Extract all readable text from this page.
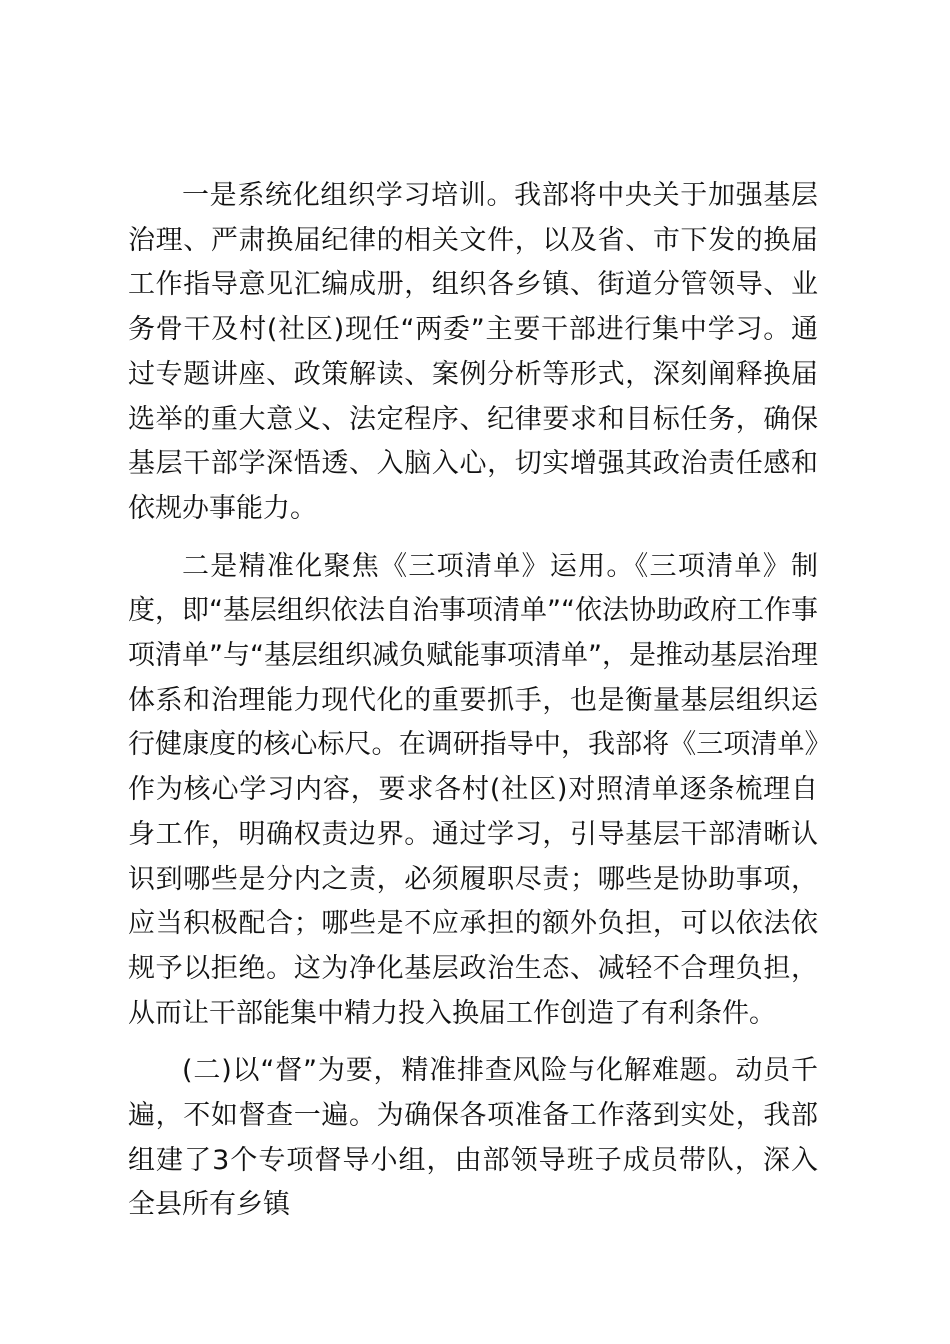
一是系统化组织学习培训。我部将中央关于加强基层治理、严肃换届纪律的相关文件，以及省、市下发的换届工作指导意见汇编成册，组织各乡镇、街道分管领导、业务骨干及村(社区)现任“两委”主要干部进行集中学习。通过专题讲座、政策解读、案例分析等形式，深刻阐释换届选举的重大意义、法定程序、纪律要求和目标任务，确保基层干部学深悟透、入脑入心，切实增强其政治责任感和依规办事能力。

二是精准化聚焦《三项清单》运用。《三项清单》制度，即“基层组织依法自治事项清单”“依法协助政府工作事项清单”与“基层组织减负赋能事项清单”，是推动基层治理体系和治理能力现代化的重要抓手，也是衡量基层组织运行健康度的核心标尺。在调研指导中，我部将《三项清单》作为核心学习内容，要求各村(社区)对照清单逐条梳理自身工作，明确权责边界。通过学习，引导基层干部清晰认识到哪些是分内之责，必须履职尽责；哪些是协助事项，应当积极配合；哪些是不应承担的额外负担，可以依法依规予以拒绝。这为净化基层政治生态、减轻不合理负担，从而让干部能集中精力投入换届工作创造了有利条件。

(二)以“督”为要，精准排查风险与化解难题。动员千遍，不如督查一遍。为确保各项准备工作落到实处，我部组建了3个专项督导小组，由部领导班子成员带队，深入全县所有乡镇
